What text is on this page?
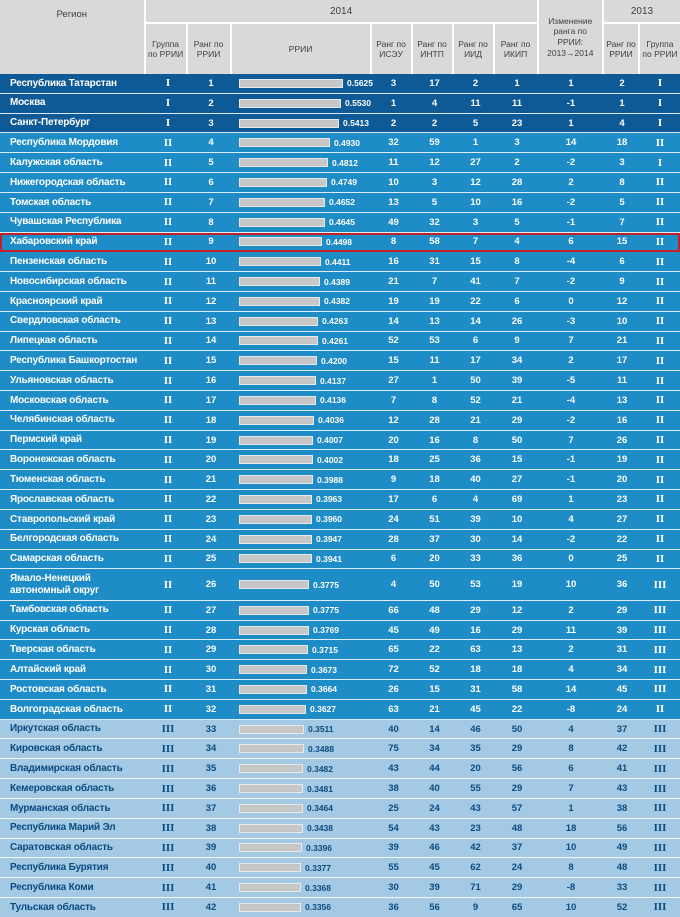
Регион	2014
Группа по РРИИ
Ранг по РРИИ
РРИИ
Ранг по ИСЭУ
Ранг по ИНТП
Ранг по ИИД
Ранг по ИКИП
Изменение ранга по РРИИ: 2013→2014
2013
Ранг по РРИИ
Группа по РРИИ
Республика Татарстан	I	1	0.5625 3	17	2	1	1	2	I
Москва	I	2	0.5530 1	4	11	11	-1	1	I
Санкт-Петербург	I	3	0.5413 2	2	5	23	1	4	I
Республика Мордовия	II	4	0.4930	32	59	1	3	14	18	II
Калужская область	II	5	0.4812	11	12	27	2	-2	3	I
Нижегородская область	II	6	0.4749	10	3	12	28	2	8	II
Томская область	II	7	0.4652	13	5	10	16	-2	5	II
Чувашская Республика	II	8	0.4645	49	32	3	5	-1	7	II
Хабаровский край	II	9	0.4498	8	58	7	4	6	15	II
Пензенская область	II	10	0.4411	16	31	15	8	-4	6	II
Новосибирская область	II	11	0.4389	21	7	41	7	-2	9	II
Красноярский край	II	12	0.4382	19	19	22	6	0	12	II
Свердловская область	II	13	0.4263	14	13	14	26	-3	10	II
Липецкая область	II	14	0.4261	52	53	6	9	7	21	II
Республика Башкортостан II	15	0.4200	15	11	17	34	2	17	II
Ульяновская область	II	16	0.4137	27	1	50	39	-5	11	II
Московская область	II	17	0.4136	7	8	52	21	-4	13	II
Челябинская область	II	18	0.4036	12	28	21	29	-2	16	II
Пермский край	II	19	0.4007	20	16	8	50	7	26	II
Воронежская область	II	20	0.4002	18	25	36	15	-1	19	II
Тюменская область	II	21	0.3988	9	18	40	27	-1	20	II
Ярославская область	II	22	0.3963	17	6	4	69	1	23	II
Ставропольский край	II	23	0.3960	24	51	39	10	4	27	II
Белгородская область	II	24	0.3947	28	37	30	14	-2	22	II
Самарская область	II	25	0.3941	6	20	33	36	0	25	II
Ямало-Ненецкий автономный округ	II	26	0.3775	4	50	53	19	10	36 III
Тамбовская область	II	27	0.3775	66	48	29	12	2	29 III
Курская область	II	28	0.3769	45	49	16	29	11	39 III
Тверская область	II	29	0.3715	65	22	63	13	2	31 III
Алтайский край	II	30	0.3673	72	52	18	18	4	34 III
Ростовская область	II	31	0.3664	26	15	31	58	14	45 III
Волгоградская область	II	32	0.3627	63	21	45	22	-8	24	II
Иркутская область	III	33	0.3511	40	14	46	50	4	37 III
Кировская область	III	34	0.3488	75	34	35	29	8	42 III
Владимирская область	III	35	0.3482	43	44	20	56	6	41 III
Кемеровская область	III	36	0.3481	38	40	55	29	7	43 III
Мурманская область	III	37	0.3464	25	24	43	57	1	38 III
Республика Марий Эл	III	38	0.3438	54	43	23	48	18	56 III
Саратовская область	III	39	0.3396	39	46	42	37	10	49 III
Республика Бурятия	III	40	0.3377	55	45	62	24	8	48 III
Республика Коми	III	41	0.3368	30	39	71	29	-8	33 III
Тульская область	III	42	0.3356	36	56	9	65	10	52 III
